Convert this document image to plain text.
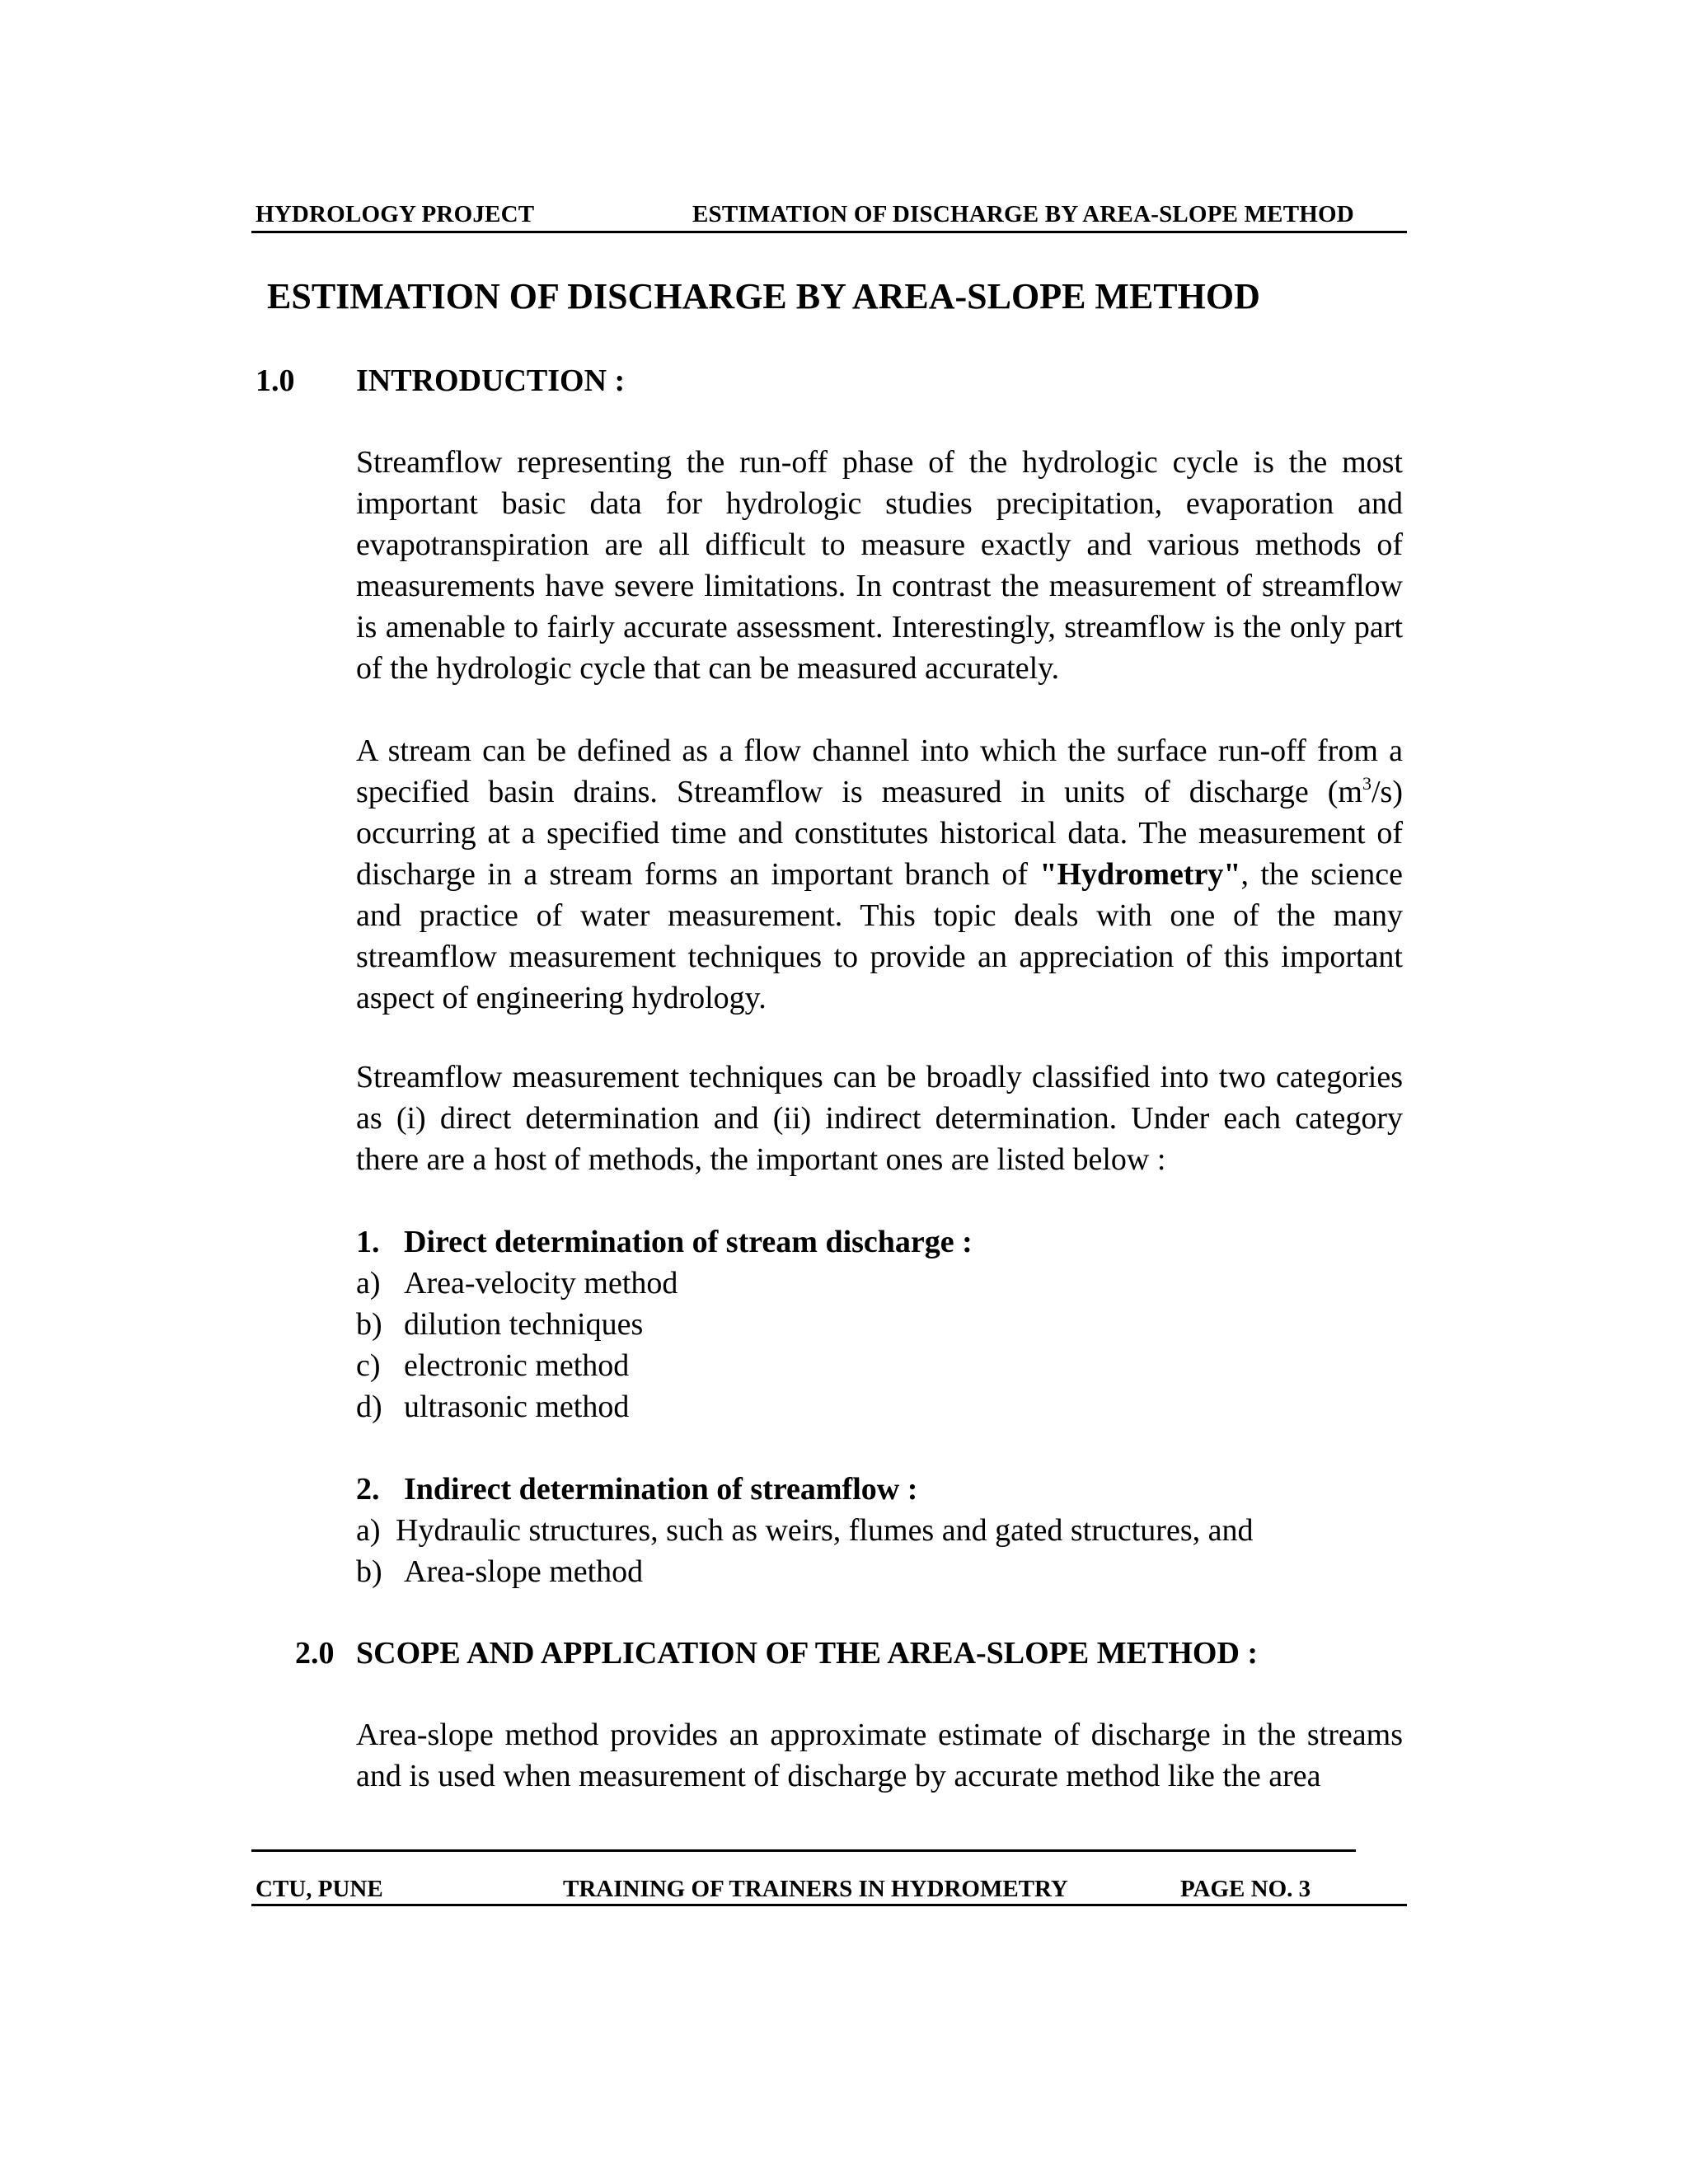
HYDROLOGY PROJECT	ESTIMATION OF DISCHARGE BY AREA-SLOPE METHOD
ESTIMATION OF DISCHARGE BY AREA-SLOPE METHOD
1.0 INTRODUCTION :

Streamflow representing the run-off phase of the hydrologic cycle is the most important basic data for hydrologic studies precipitation, evaporation and evapotranspiration are all difficult to measure exactly and various methods of measurements have severe limitations. In contrast the measurement of streamflow is amenable to fairly accurate assessment. Interestingly, streamflow is the only part of the hydrologic cycle that can be measured accurately.

A stream can be defined as a flow channel into which the surface run-off from a specified basin drains. Streamflow is measured in units of discharge $(m^3/s)$ occurring at a specified time and constitutes historical data. The measurement of discharge in a stream forms an important branch of "Hydrometry", the science and practice of water measurement. This topic deals with one of the many streamflow measurement techniques to provide an appreciation of this important aspect of engineering hydrology.

Streamflow measurement techniques can be broadly classified into two categories as (i) direct determination and (ii) indirect determination. Under each category there are a host of methods, the important ones are listed below :

1. Direct determination of stream discharge :
a) Area-velocity method
b) dilution techniques
c) electronic method
d) ultrasonic method
2. Indirect determination of streamflow :
a) Hydraulic structures, such as weirs, flumes and gated structures, and
b) Area-slope method
2.0 SCOPE AND APPLICATION OF THE AREA-SLOPE METHOD :

Area-slope method provides an approximate estimate of discharge in the streams and is used when measurement of discharge by accurate method like the area

CTU, PUNE	TRAINING OF TRAINERS IN HYDROMETRY	PAGE NO. 3
